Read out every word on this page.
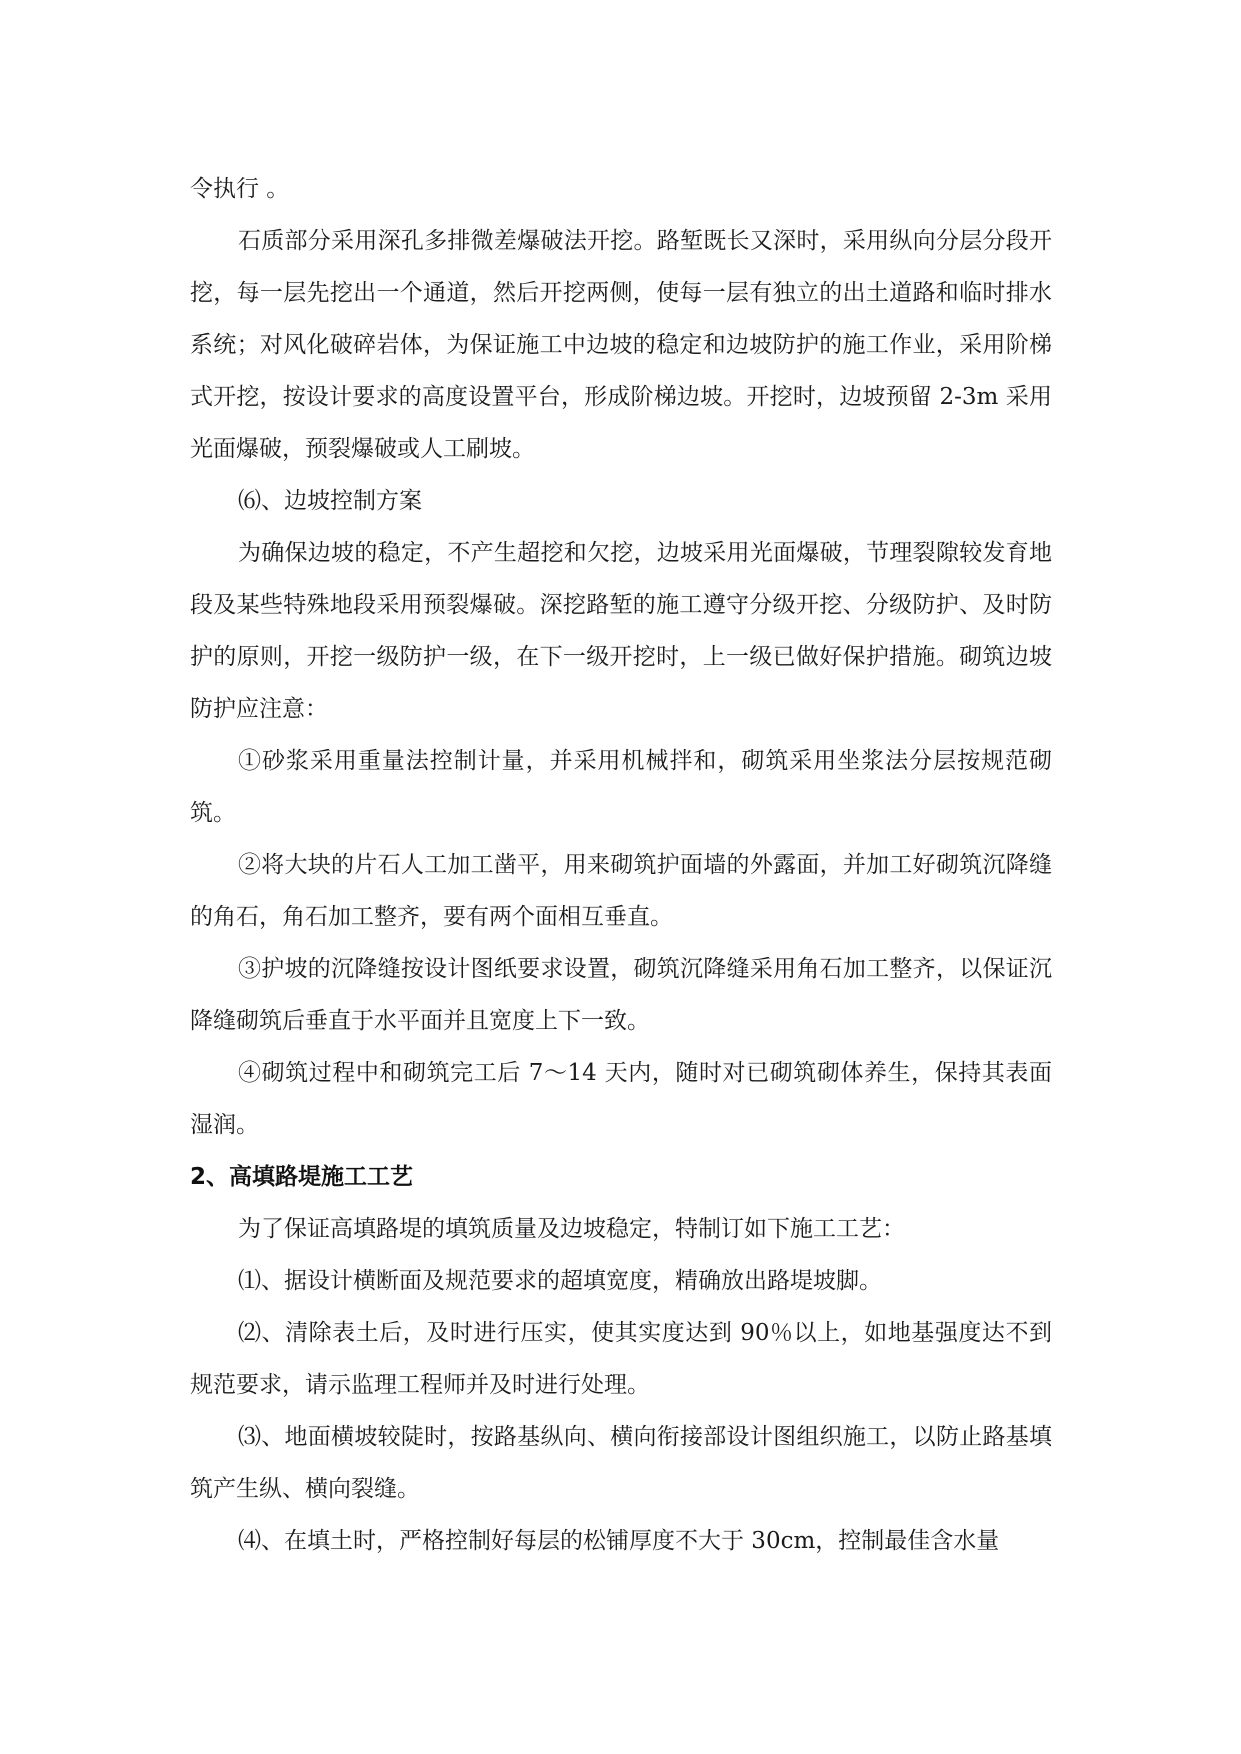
令执行 。

石质部分采用深孔多排微差爆破法开挖。路堑既长又深时，采用纵向分层分段开挖，每一层先挖出一个通道，然后开挖两侧，使每一层有独立的出土道路和临时排水系统；对风化破碎岩体，为保证施工中边坡的稳定和边坡防护的施工作业，采用阶梯式开挖，按设计要求的高度设置平台，形成阶梯边坡。开挖时，边坡预留 2-3m 采用光面爆破，预裂爆破或人工刷坡。

⑹、边坡控制方案

为确保边坡的稳定，不产生超挖和欠挖，边坡采用光面爆破，节理裂隙较发育地段及某些特殊地段采用预裂爆破。深挖路堑的施工遵守分级开挖、分级防护、及时防护的原则，开挖一级防护一级，在下一级开挖时，上一级已做好保护措施。砌筑边坡防护应注意：

①砂浆采用重量法控制计量，并采用机械拌和，砌筑采用坐浆法分层按规范砌筑。

②将大块的片石人工加工凿平，用来砌筑护面墙的外露面，并加工好砌筑沉降缝的角石，角石加工整齐，要有两个面相互垂直。

③护坡的沉降缝按设计图纸要求设置，砌筑沉降缝采用角石加工整齐，以保证沉降缝砌筑后垂直于水平面并且宽度上下一致。

④砌筑过程中和砌筑完工后 7～14 天内，随时对已砌筑砌体养生，保持其表面湿润。

2、高填路堤施工工艺

为了保证高填路堤的填筑质量及边坡稳定，特制订如下施工工艺：

⑴、据设计横断面及规范要求的超填宽度，精确放出路堤坡脚。

⑵、清除表土后，及时进行压实，使其实度达到 90％以上，如地基强度达不到规范要求，请示监理工程师并及时进行处理。

⑶、地面横坡较陡时，按路基纵向、横向衔接部设计图组织施工，以防止路基填筑产生纵、横向裂缝。

⑷、在填土时，严格控制好每层的松铺厚度不大于 30cm，控制最佳含水量
